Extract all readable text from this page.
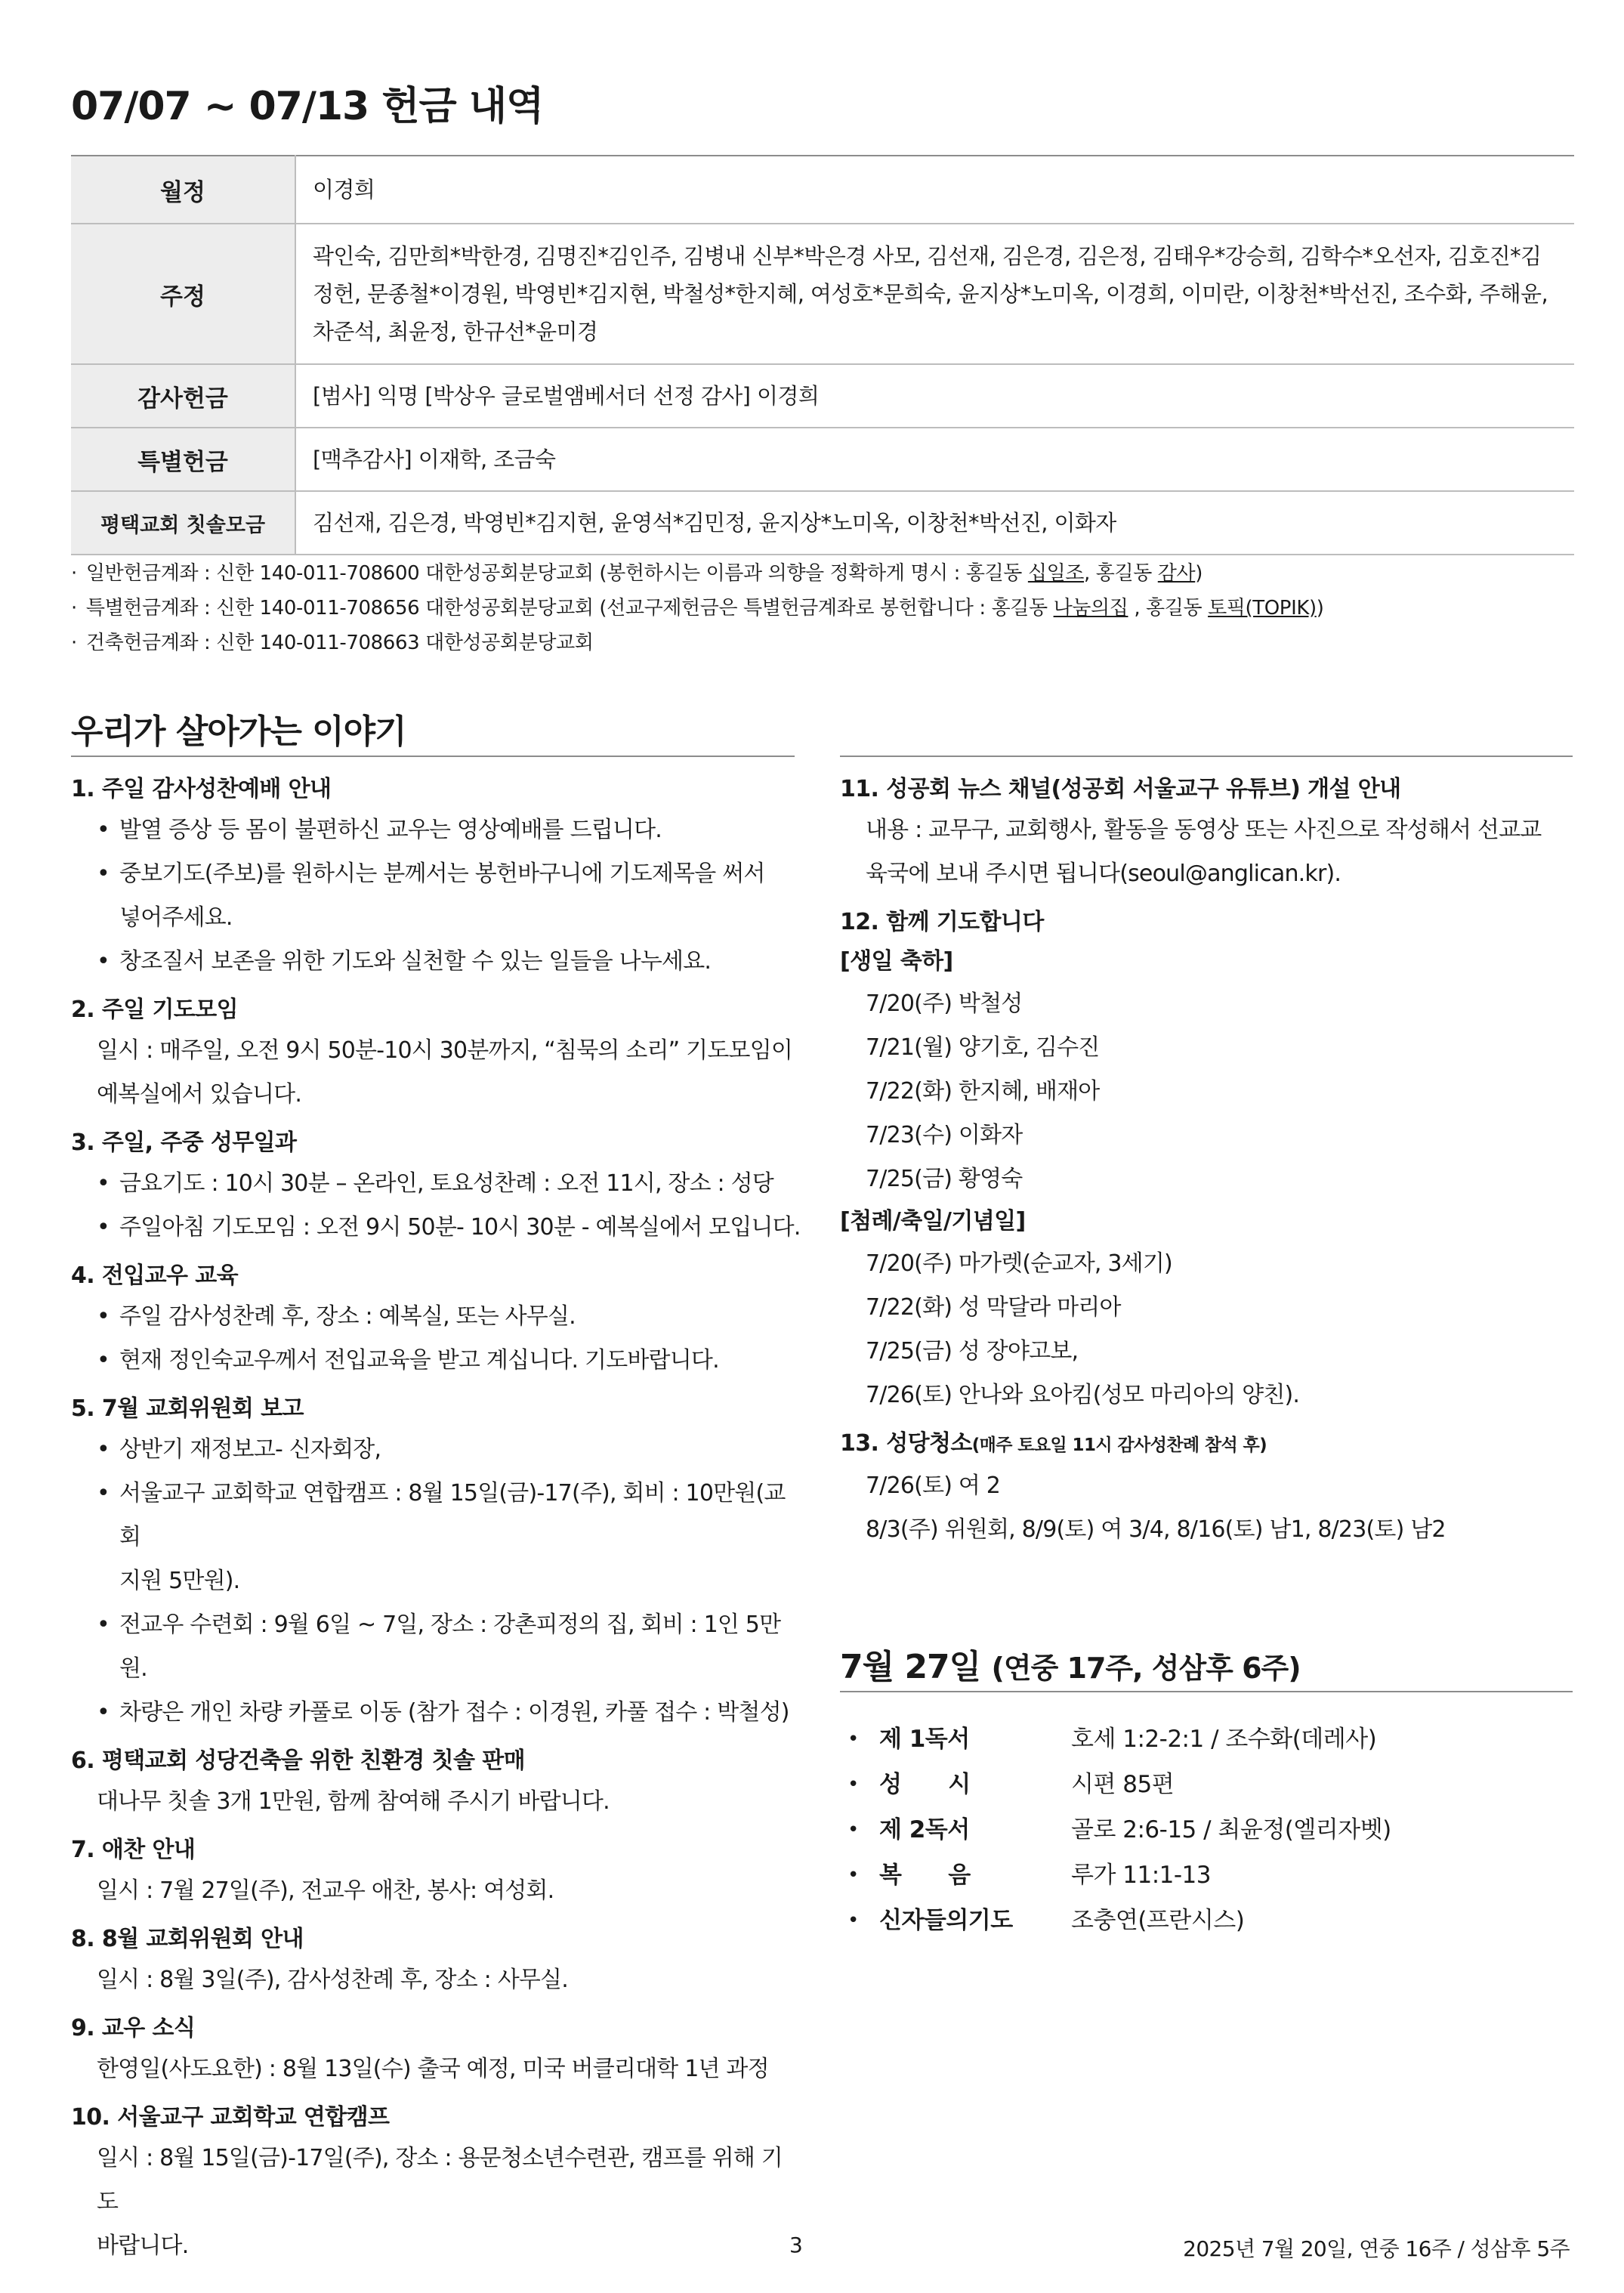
07/07 ~ 07/13 헌금 내역
월정	이경희
주정	곽인숙, 김만희*박한경, 김명진*김인주, 김병내 신부*박은경 사모, 김선재, 김은경, 김은정, 김태우*강승희, 김학수*오선자, 김호진*김정헌, 문종철*이경원, 박영빈*김지현, 박철성*한지혜, 여성호*문희숙, 윤지상*노미옥, 이경희, 이미란, 이창천*박선진, 조수화, 주해윤, 차준석, 최윤정, 한규선*윤미경
감사헌금	[범사] 익명 [박상우 글로벌앰베서더 선정 감사] 이경희
특별헌금	[맥추감사] 이재학, 조금숙
평택교회 칫솔모금	김선재, 김은경, 박영빈*김지현, 윤영석*김민정, 윤지상*노미옥, 이창천*박선진, 이화자
· 일반헌금계좌 : 신한 140-011-708600 대한성공회분당교회 (봉헌하시는 이름과 의향을 정확하게 명시 : 홍길동 십일조, 홍길동 감사)
· 특별헌금계좌 : 신한 140-011-708656 대한성공회분당교회 (선교구제헌금은 특별헌금계좌로 봉헌합니다 : 홍길동 나눔의집 , 홍길동 토픽(TOPIK))
· 건축헌금계좌 : 신한 140-011-708663 대한성공회분당교회
우리가 살아가는 이야기
1. 주일 감사성찬예배 안내
• 발열 증상 등 몸이 불편하신 교우는 영상예배를 드립니다.
• 중보기도(주보)를 원하시는 분께서는 봉헌바구니에 기도제목을 써서
넣어주세요.
• 창조질서 보존을 위한 기도와 실천할 수 있는 일들을 나누세요.
2. 주일 기도모임
일시 : 매주일, 오전 9시 50분-10시 30분까지, “침묵의 소리” 기도모임이
예복실에서 있습니다.
3. 주일, 주중 성무일과
• 금요기도 : 10시 30분 – 온라인, 토요성찬례 : 오전 11시, 장소 : 성당
• 주일아침 기도모임 : 오전 9시 50분- 10시 30분 - 예복실에서 모입니다.
4. 전입교우 교육
• 주일 감사성찬례 후, 장소 : 예복실, 또는 사무실.
• 현재 정인숙교우께서 전입교육을 받고 계십니다. 기도바랍니다.
5. 7월 교회위원회 보고
• 상반기 재정보고- 신자회장,
• 서울교구 교회학교 연합캠프 : 8월 15일(금)-17(주), 회비 : 10만원(교회
지원 5만원).
• 전교우 수련회 : 9월 6일 ~ 7일, 장소 : 강촌피정의 집, 회비 : 1인 5만원.
• 차량은 개인 차량 카풀로 이동 (참가 접수 : 이경원, 카풀 접수 : 박철성)
6. 평택교회 성당건축을 위한 친환경 칫솔 판매
대나무 칫솔 3개 1만원, 함께 참여해 주시기 바랍니다.
7. 애찬 안내
일시 : 7월 27일(주), 전교우 애찬, 봉사: 여성회.
8. 8월 교회위원회 안내
일시 : 8월 3일(주), 감사성찬례 후, 장소 : 사무실.
9. 교우 소식
한영일(사도요한) : 8월 13일(수) 출국 예정, 미국 버클리대학 1년 과정
10. 서울교구 교회학교 연합캠프
일시 : 8월 15일(금)-17일(주), 장소 : 용문청소년수련관, 캠프를 위해 기도
바랍니다.
11. 성공회 뉴스 채널(성공회 서울교구 유튜브) 개설 안내
내용 : 교무구, 교회행사, 활동을 동영상 또는 사진으로 작성해서 선교교
육국에 보내 주시면 됩니다(seoul@anglican.kr).
12. 함께 기도합니다
[생일 축하]
7/20(주) 박철성
7/21(월) 양기호, 김수진
7/22(화) 한지혜, 배재아
7/23(수) 이화자
7/25(금) 황영숙
[첨례/축일/기념일]
7/20(주) 마가렛(순교자, 3세기)
7/22(화) 성 막달라 마리아
7/25(금) 성 장야고보,
7/26(토) 안나와 요아킴(성모 마리아의 양친).
13. 성당청소(매주 토요일 11시 감사성찬례 참석 후)
7/26(토) 여 2
8/3(주) 위원회, 8/9(토) 여 3/4, 8/16(토) 남1, 8/23(토) 남2
7월 27일 (연중 17주, 성삼후 6주)
• 제 1독서	호세 1:2-2:1 / 조수화(데레사)
• 성      시	시편 85편
• 제 2독서	골로 2:6-15 / 최윤정(엘리자벳)
• 복      음	루가 11:1-13
• 신자들의기도	조충연(프란시스)
3	2025년 7월 20일, 연중 16주 / 성삼후 5주
